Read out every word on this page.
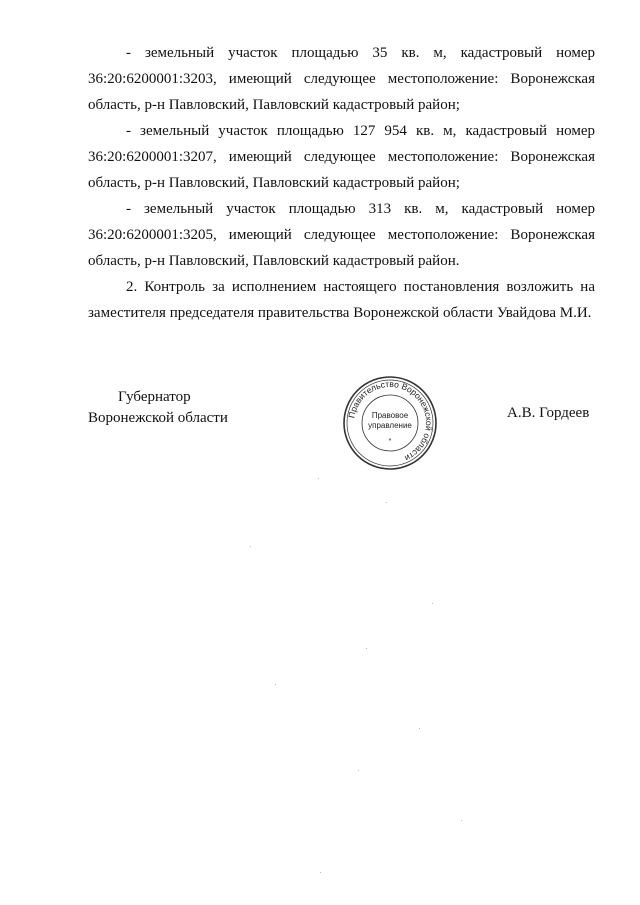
- земельный участок площадью 35 кв. м, кадастровый номер 36:20:6200001:3203, имеющий следующее местоположение: Воронежская область, р-н Павловский, Павловский кадастровый район;

- земельный участок площадью 127 954 кв. м, кадастровый номер 36:20:6200001:3207, имеющий следующее местоположение: Воронежская область, р-н Павловский, Павловский кадастровый район;

- земельный участок площадью 313 кв. м, кадастровый номер 36:20:6200001:3205, имеющий следующее местоположение: Воронежская область, р-н Павловский, Павловский кадастровый район.

2. Контроль за исполнением настоящего постановления возложить на заместителя председателя правительства Воронежской области Увайдова М.И.

Губернатор
Воронежской области	Правительство Воронежской области
Правовое
управление
*
А.В. Гордеев
